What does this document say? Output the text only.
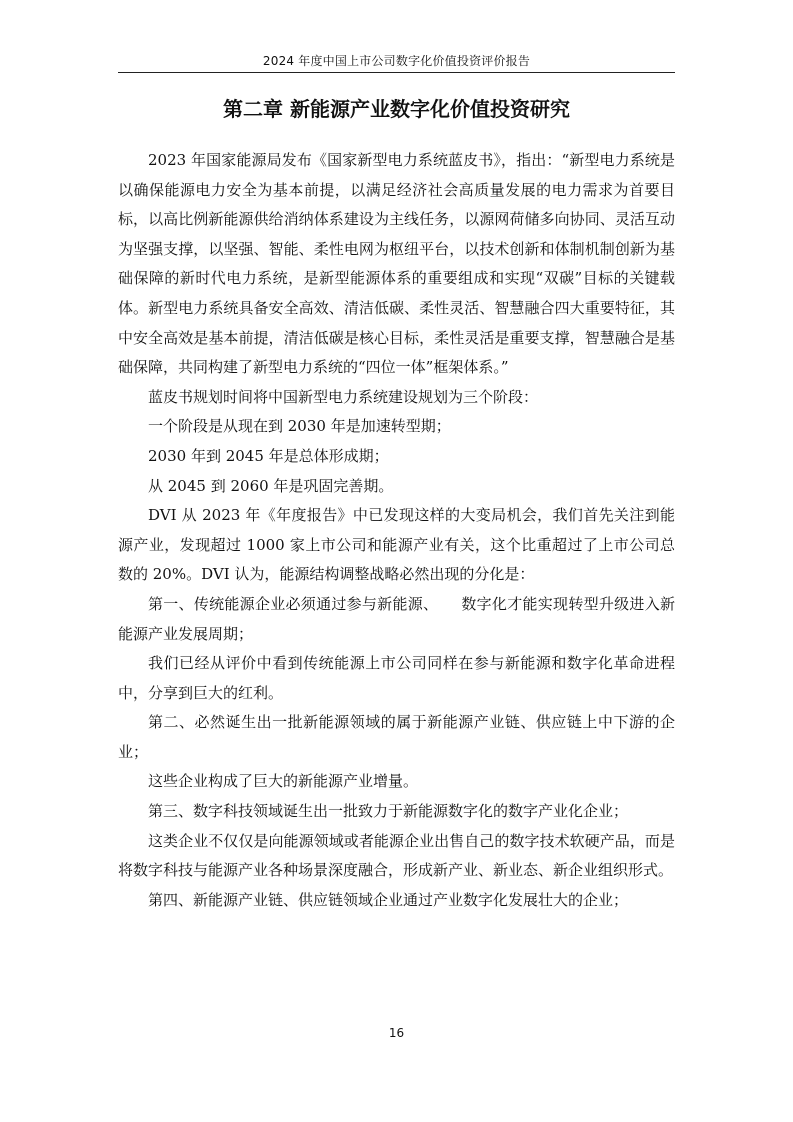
2024 年度中国上市公司数字化价值投资评价报告
第二章 新能源产业数字化价值投资研究

2023 年国家能源局发布《国家新型电力系统蓝皮书》，指出：“新型电力系统是以确保能源电力安全为基本前提，以满足经济社会高质量发展的电力需求为首要目标，以高比例新能源供给消纳体系建设为主线任务，以源网荷储多向协同、灵活互动为坚强支撑，以坚强、智能、柔性电网为枢纽平台，以技术创新和体制机制创新为基础保障的新时代电力系统，是新型能源体系的重要组成和实现“双碳”目标的关键载体。新型电力系统具备安全高效、清洁低碳、柔性灵活、智慧融合四大重要特征，其中安全高效是基本前提，清洁低碳是核心目标，柔性灵活是重要支撑，智慧融合是基础保障，共同构建了新型电力系统的“四位一体”框架体系。”

蓝皮书规划时间将中国新型电力系统建设规划为三个阶段：

一个阶段是从现在到 2030 年是加速转型期；

2030 年到 2045 年是总体形成期；

从 2045 到 2060 年是巩固完善期。

DVI 从 2023 年《年度报告》中已发现这样的大变局机会，我们首先关注到能源产业，发现超过 1000 家上市公司和能源产业有关，这个比重超过了上市公司总数的 20%。DVI 认为，能源结构调整战略必然出现的分化是：

第一、传统能源企业必须通过参与新能源、　　数字化才能实现转型升级进入新能源产业发展周期；

我们已经从评价中看到传统能源上市公司同样在参与新能源和数字化革命进程中，分享到巨大的红利。

第二、必然诞生出一批新能源领域的属于新能源产业链、供应链上中下游的企业；

这些企业构成了巨大的新能源产业增量。

第三、数字科技领域诞生出一批致力于新能源数字化的数字产业化企业；

这类企业不仅仅是向能源领域或者能源企业出售自己的数字技术软硬产品，而是将数字科技与能源产业各种场景深度融合，形成新产业、新业态、新企业组织形式。

第四、新能源产业链、供应链领域企业通过产业数字化发展壮大的企业；

16
